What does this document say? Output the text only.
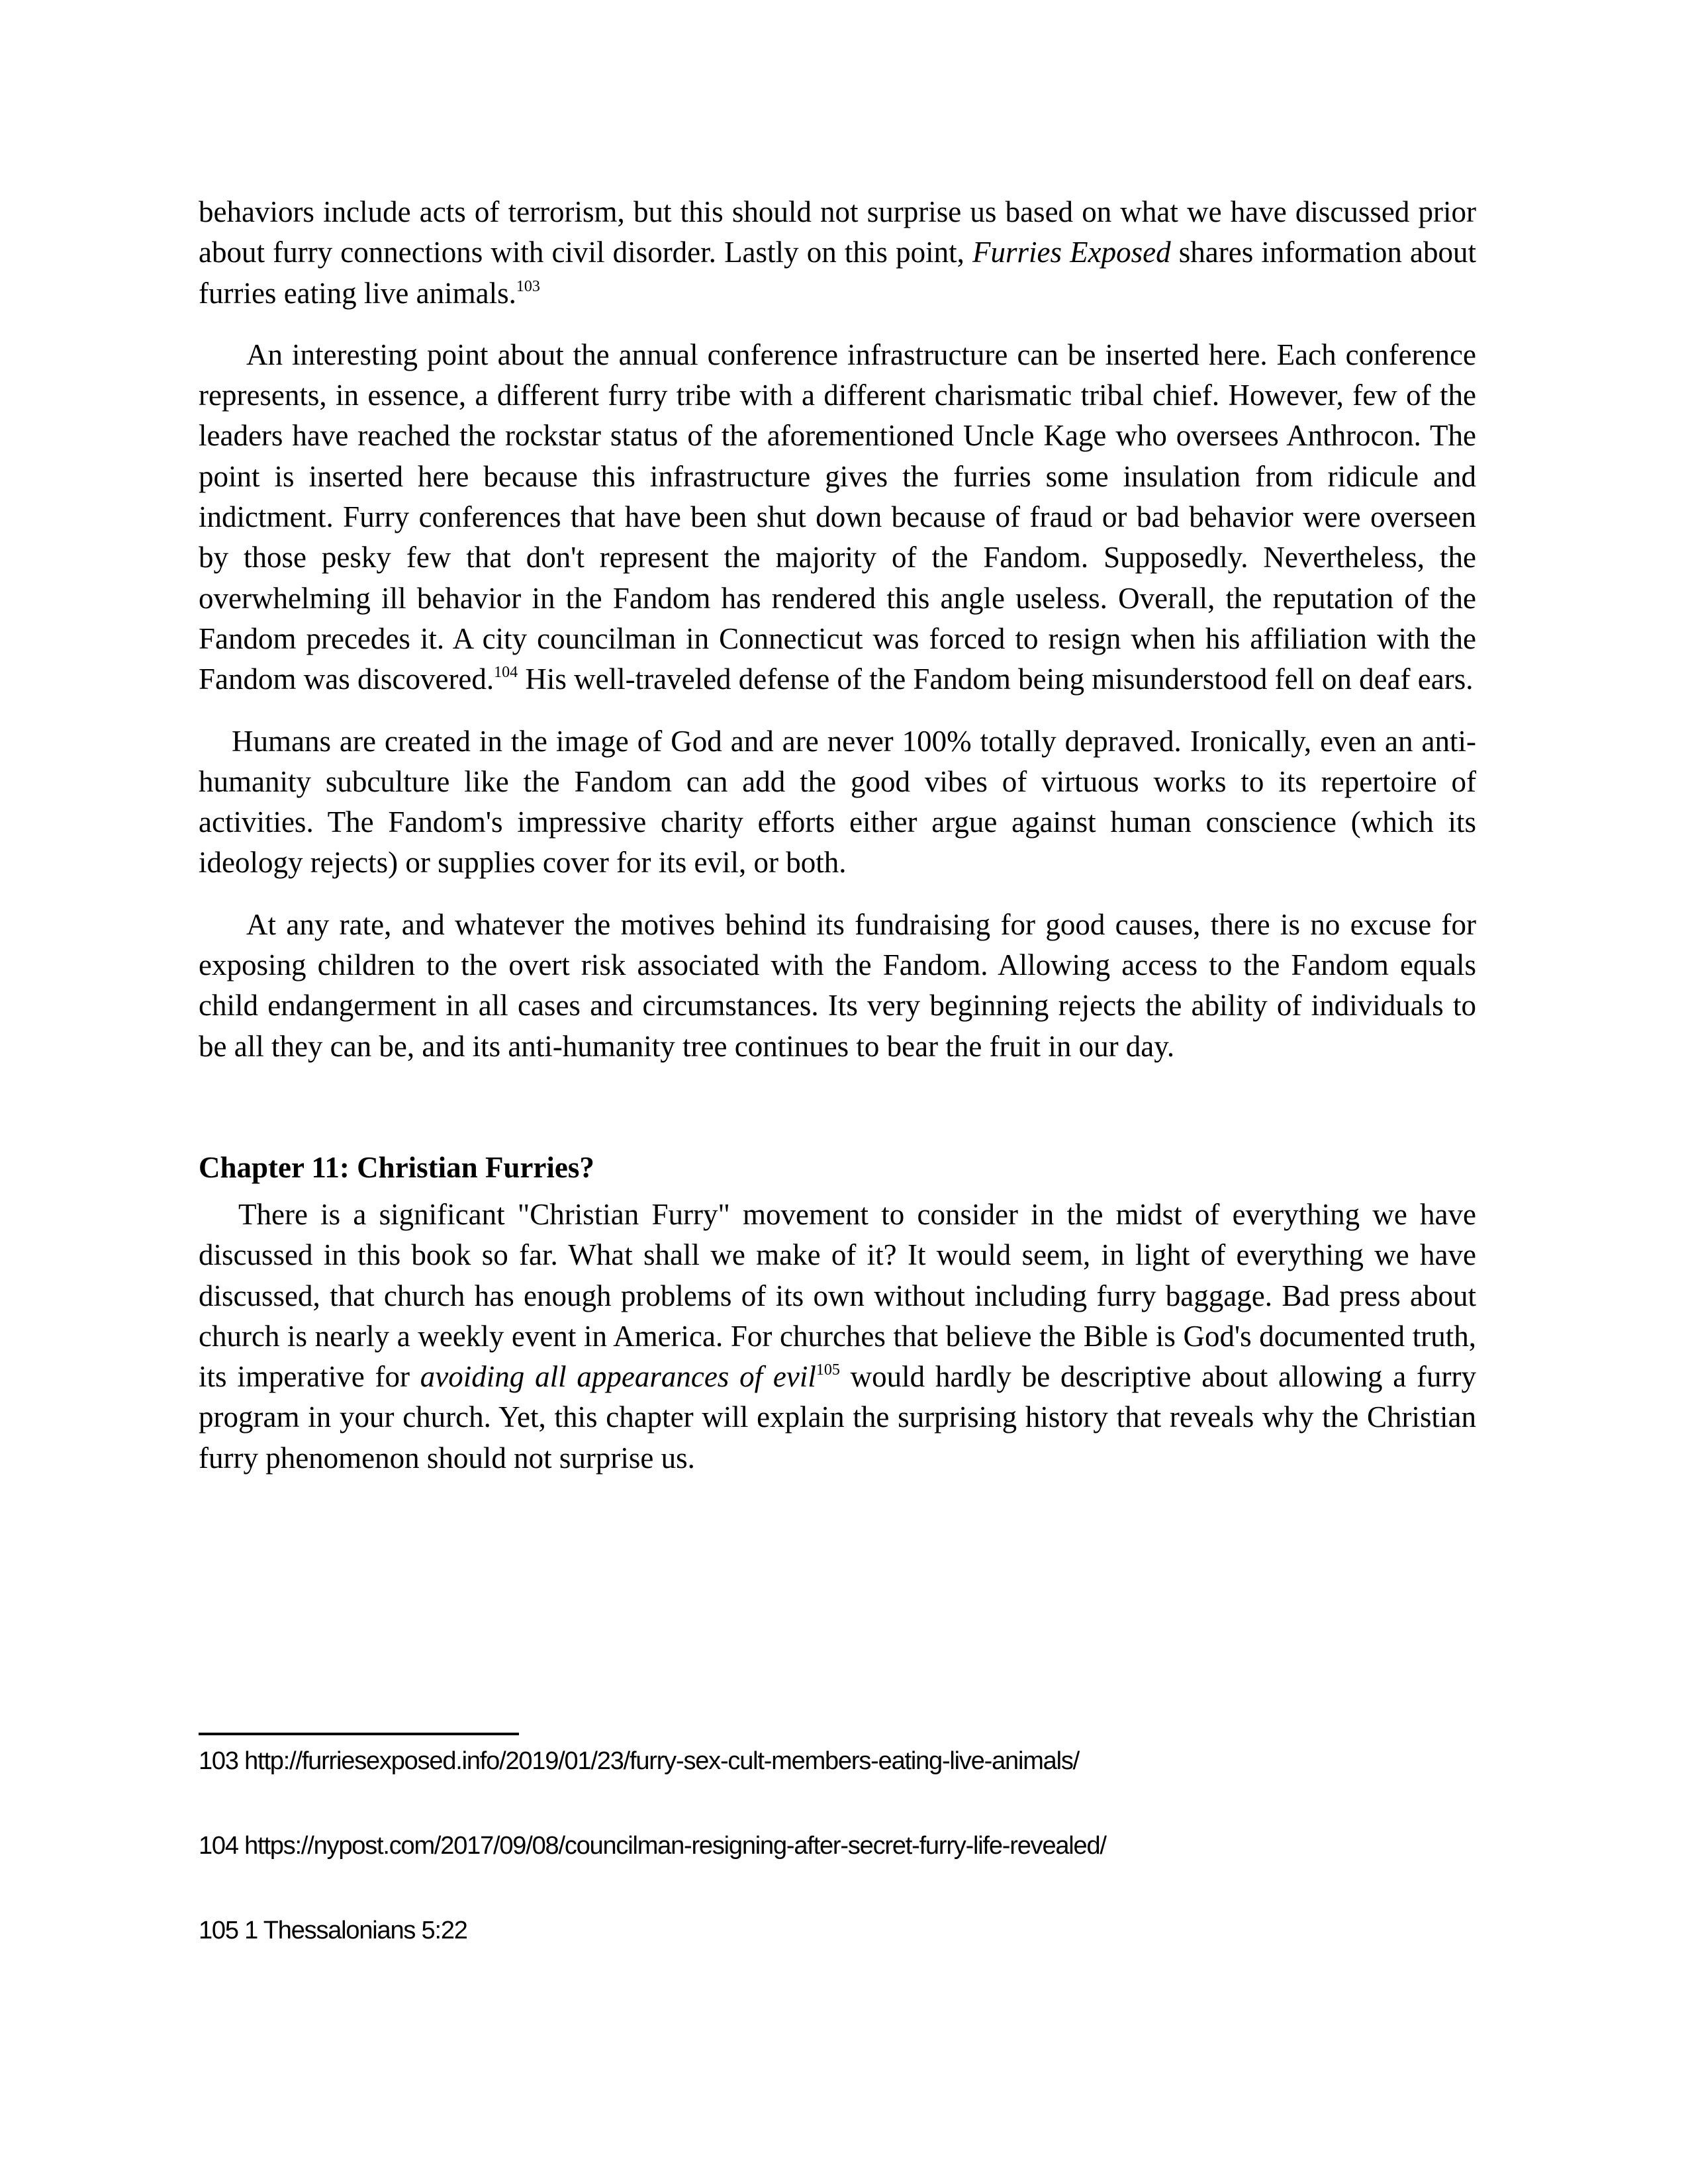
behaviors include acts of terrorism, but this should not surprise us based on what we have discussed prior about furry connections with civil disorder. Lastly on this point, Furries Exposed shares information about furries eating live animals.$^{103}$

An interesting point about the annual conference infrastructure can be inserted here. Each conference represents, in essence, a different furry tribe with a different charismatic tribal chief. However, few of the leaders have reached the rockstar status of the aforementioned Uncle Kage who oversees Anthrocon. The point is inserted here because this infrastructure gives the furries some insulation from ridicule and indictment. Furry conferences that have been shut down because of fraud or bad behavior were overseen by those pesky few that don't represent the majority of the Fandom. Supposedly. Nevertheless, the overwhelming ill behavior in the Fandom has rendered this angle useless. Overall, the reputation of the Fandom precedes it. A city councilman in Connecticut was forced to resign when his affiliation with the Fandom was discovered.$^{104}$ His well-traveled defense of the Fandom being misunderstood fell on deaf ears.

Humans are created in the image of God and are never 100% totally depraved. Ironically, even an anti-humanity subculture like the Fandom can add the good vibes of virtuous works to its repertoire of activities. The Fandom's impressive charity efforts either argue against human conscience (which its ideology rejects) or supplies cover for its evil, or both.

At any rate, and whatever the motives behind its fundraising for good causes, there is no excuse for exposing children to the overt risk associated with the Fandom. Allowing access to the Fandom equals child endangerment in all cases and circumstances. Its very beginning rejects the ability of individuals to be all they can be, and its anti-humanity tree continues to bear the fruit in our day.

Chapter 11: Christian Furries?

There is a significant "Christian Furry" movement to consider in the midst of everything we have discussed in this book so far. What shall we make of it? It would seem, in light of everything we have discussed, that church has enough problems of its own without including furry baggage. Bad press about church is nearly a weekly event in America. For churches that believe the Bible is God's documented truth, its imperative for avoiding all appearances of evil$^{105}$ would hardly be descriptive about allowing a furry program in your church. Yet, this chapter will explain the surprising history that reveals why the Christian furry phenomenon should not surprise us.

103 http://furriesexposed.info/2019/01/23/furry-sex-cult-members-eating-live-animals/
104 https://nypost.com/2017/09/08/councilman-resigning-after-secret-furry-life-revealed/
105 1 Thessalonians 5:22
